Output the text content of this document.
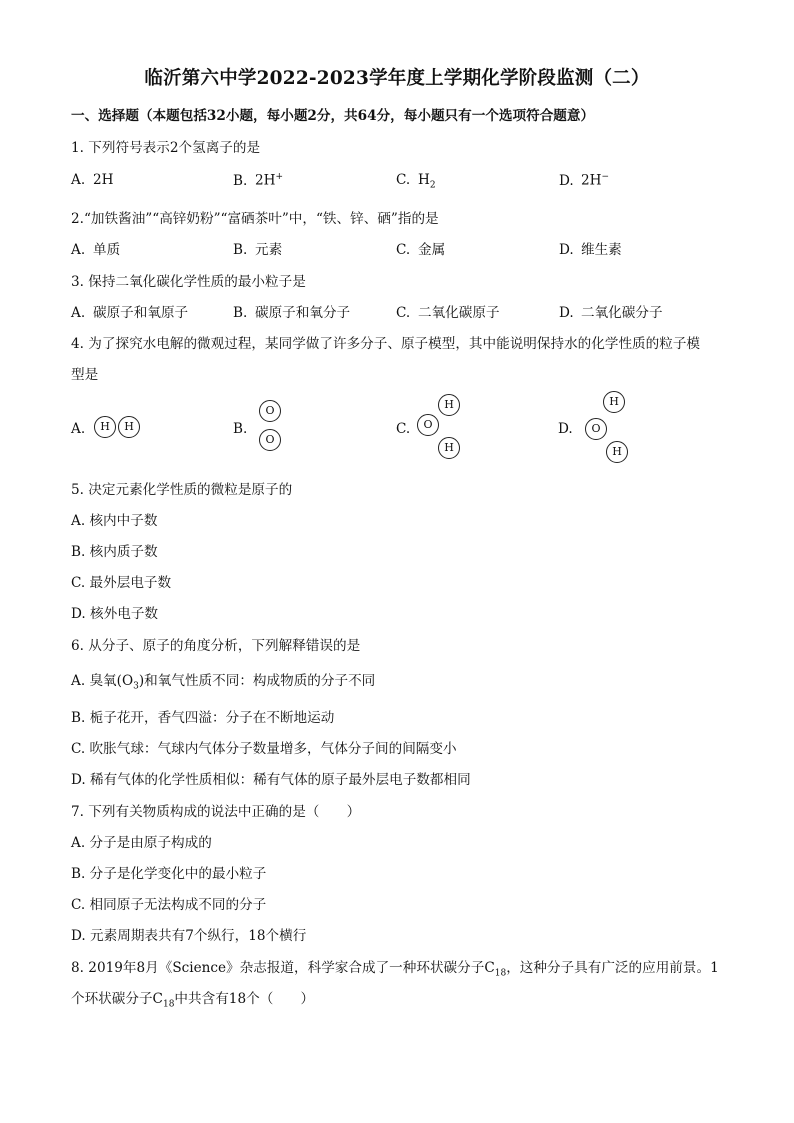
临沂第六中学2022-2023学年度上学期化学阶段监测（二）
一、选择题（本题包括32小题，每小题2分，共64分，每小题只有一个选项符合题意）
1. 下列符号表示2个氢离子的是
A. 2H	B. 2H+	C. $H_2$	D. 2H−
2.“加铁酱油”“高锌奶粉”“富硒茶叶”中，“铁、锌、硒”指的是
A. 单质	B. 元素	C. 金属	D. 维生素
3. 保持二氧化碳化学性质的最小粒子是
A. 碳原子和氧原子	B. 碳原子和氧分子	C. 二氧化碳原子	D. 二氧化碳分子
4. 为了探究水电解的微观过程，某同学做了许多分子、原子模型，其中能说明保持水的化学性质的粒子模
型是
A.	H	H	B.
O
O
C.
H
H
O	D.
H
O
H
5. 决定元素化学性质的微粒是原子的
A. 核内中子数
B. 核内质子数
C. 最外层电子数
D. 核外电子数
6. 从分子、原子的角度分析，下列解释错误的是
A. 臭氧$(O_3)$和氧气性质不同：构成物质的分子不同
B. 栀子花开，香气四溢：分子在不断地运动
C. 吹胀气球：气球内气体分子数量增多，气体分子间的间隔变小
D. 稀有气体的化学性质相似：稀有气体的原子最外层电子数都相同
7. 下列有关物质构成的说法中正确的是（　　）
A. 分子是由原子构成的
B. 分子是化学变化中的最小粒子
C. 相同原子无法构成不同的分子
D. 元素周期表共有7个纵行，18个横行
8. 2019年8月《Science》杂志报道，科学家合成了一种环状碳分子$C_{18}$，这种分子具有广泛的应用前景。1
个环状碳分子$C_{18}$中共含有18个（　　）
